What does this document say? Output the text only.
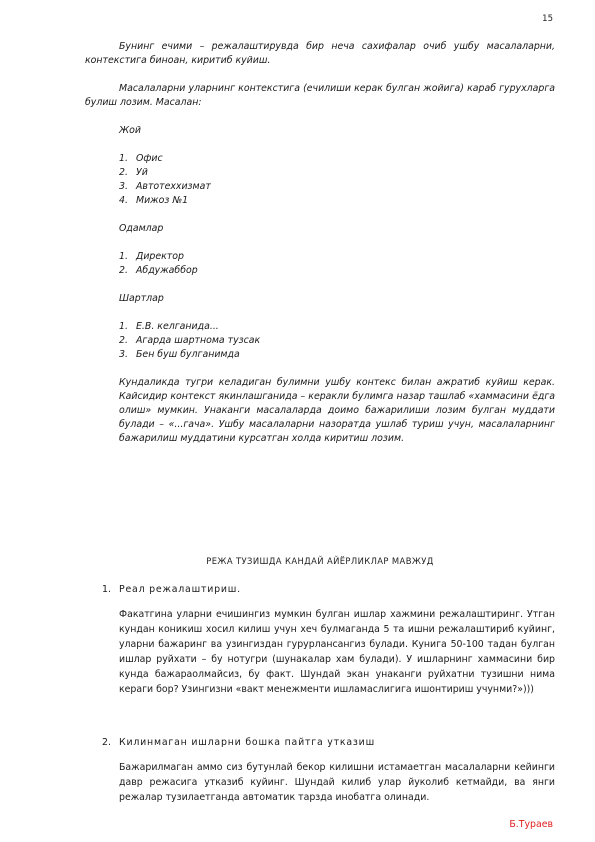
15

Бунинг ечими – режалаштирувда бир неча сахифалар очиб ушбу масалаларни, контекстига биноан, киритиб куйиш.

Масалаларни уларнинг контекстига (ечилиши керак булган жойига) караб гурухларга булиш лозим. Масалан:

Жой

1. Офис
2. Уй
3. Автотеххизмат
4. Мижоз №1

Одамлар

1. Директор
2. Абдужаббор

Шартлар

1. Е.В. келганида...
2. Агарда шартнома тузсак
3. Бен буш булганимда

Кундаликда тугри келадиган булимни ушбу контекс билан ажратиб куйиш керак. Кайсидир контекст якинлашганида – керакли булимга назар ташлаб «хаммасини ёдга олиш» мумкин. Унаканги масалаларда доимо бажарилиши лозим булган муддати булади – «...гача». Ушбу масалаларни назоратда ушлаб туриш учун, масалаларнинг бажарилиш муддатини курсатган холда киритиш лозим.

РЕЖА ТУЗИШДА КАНДАЙ АЙЁРЛИКЛАР МАВЖУД
1. Реал режалаштириш.
Факатгина уларни ечишингиз мумкин булган ишлар хажмини режалаштиринг. Утган кундан коникиш хосил килиш учун хеч булмаганда 5 та ишни режалаштириб куйинг, уларни бажаринг ва узингиздан гурурлансангиз булади. Кунига 50-100 тадан булган ишлар руйхати – бу нотугри (шунакалар хам булади). У ишларнинг хаммасини бир кунда бажараолмайсиз, бу факт. Шундай экан унаканги руйхатни тузишни нима кераги бор? Узингизни «вакт менежменти ишламаслигига ишонтириш учунми?»)))
2. Килинмаган ишларни бошка пайтга утказиш
Бажарилмаган аммо сиз бутунлай бекор килишни истамаетган масалаларни кейинги давр режасига утказиб куйинг. Шундай килиб улар йуколиб кетмайди, ва янги режалар тузилаетганда автоматик тарзда инобатга олинади.
Б.Тураев
